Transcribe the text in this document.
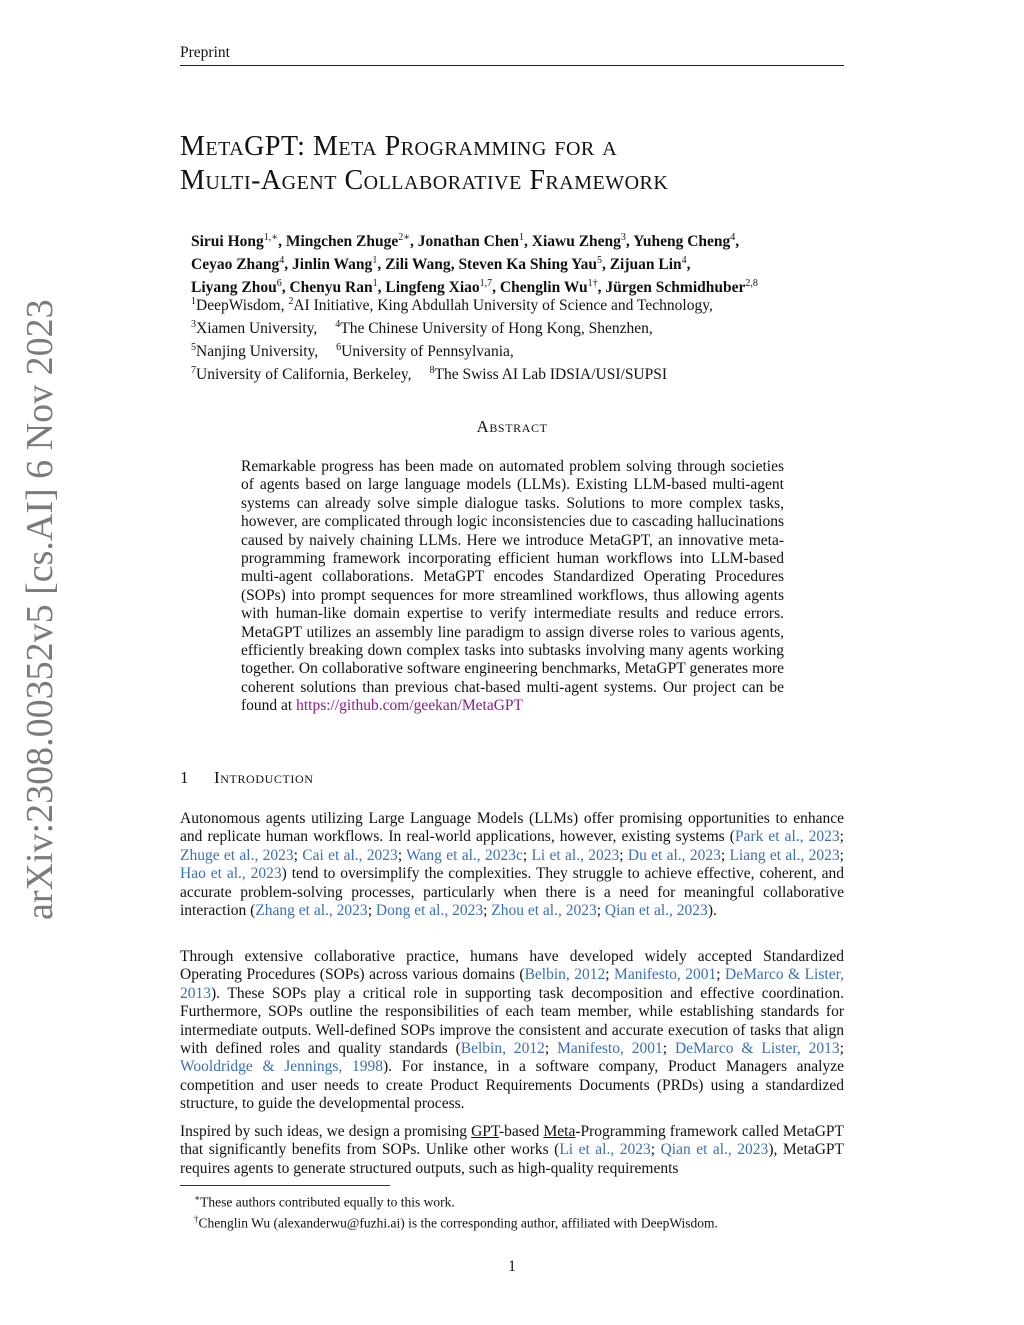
Preprint
arXiv:2308.00352v5 [cs.AI] 6 Nov 2023
MetaGPT: Meta Programming for a
Multi-Agent Collaborative Framework
Sirui Hong$^{1,∗}$, Mingchen Zhuge$^{2∗}$, Jonathan Chen$^1$, Xiawu Zheng$^3$, Yuheng Cheng$^4$,
Ceyao Zhang$^4$, Jinlin Wang$^1$, Zili Wang, Steven Ka Shing Yau$^5$, Zijuan Lin$^4$,
Liyang Zhou$^6$, Chenyu Ran$^1$, Lingfeng Xiao$^{1,7}$, Chenglin $Wu^{1\dagger}$, Jürgen Schmidhuber$^{2,8}$
$^1$DeepWisdom, $^2$AI Initiative, King Abdullah University of Science and Technology,
$^3$Xiamen University, $^4$The Chinese University of Hong Kong, Shenzhen,
$^5$Nanjing University, $^6$University of Pennsylvania,
$^7$University of California, Berkeley, $^8$The Swiss AI Lab IDSIA/USI/SUPSI
Abstract

Remarkable progress has been made on automated problem solving through societies of agents based on large language models (LLMs). Existing LLM-based multi-agent systems can already solve simple dialogue tasks. Solutions to more complex tasks, however, are complicated through logic inconsistencies due to cascading hallucinations caused by naively chaining LLMs. Here we introduce MetaGPT, an innovative meta-programming framework incorporating efficient human workflows into LLM-based multi-agent collaborations. MetaGPT encodes Standardized Operating Procedures (SOPs) into prompt sequences for more streamlined workflows, thus allowing agents with human-like domain expertise to verify intermediate results and reduce errors. MetaGPT utilizes an assembly line paradigm to assign diverse roles to various agents, efficiently breaking down complex tasks into subtasks involving many agents working together. On collaborative software engineering benchmarks, MetaGPT generates more coherent solutions than previous chat-based multi-agent systems. Our project can be found at https://github.com/geekan/MetaGPT

1 Introduction

Autonomous agents utilizing Large Language Models (LLMs) offer promising opportunities to enhance and replicate human workflows. In real-world applications, however, existing systems (Park et al., 2023; Zhuge et al., 2023; Cai et al., 2023; Wang et al., 2023c; Li et al., 2023; Du et al., 2023; Liang et al., 2023; Hao et al., 2023) tend to oversimplify the complexities. They struggle to achieve effective, coherent, and accurate problem-solving processes, particularly when there is a need for meaningful collaborative interaction (Zhang et al., 2023; Dong et al., 2023; Zhou et al., 2023; Qian et al., 2023).

Through extensive collaborative practice, humans have developed widely accepted Standardized Operating Procedures (SOPs) across various domains (Belbin, 2012; Manifesto, 2001; DeMarco & Lister, 2013). These SOPs play a critical role in supporting task decomposition and effective coordination. Furthermore, SOPs outline the responsibilities of each team member, while establishing standards for intermediate outputs. Well-defined SOPs improve the consistent and accurate execution of tasks that align with defined roles and quality standards (Belbin, 2012; Manifesto, 2001; DeMarco & Lister, 2013; Wooldridge & Jennings, 1998). For instance, in a software company, Product Managers analyze competition and user needs to create Product Requirements Documents (PRDs) using a standardized structure, to guide the developmental process.

Inspired by such ideas, we design a promising GPT-based Meta-Programming framework called MetaGPT that significantly benefits from SOPs. Unlike other works (Li et al., 2023; Qian et al., 2023), MetaGPT requires agents to generate structured outputs, such as high-quality requirements

∗These authors contributed equally to this work.
†Chenglin Wu (alexanderwu@fuzhi.ai) is the corresponding author, affiliated with DeepWisdom.
1
